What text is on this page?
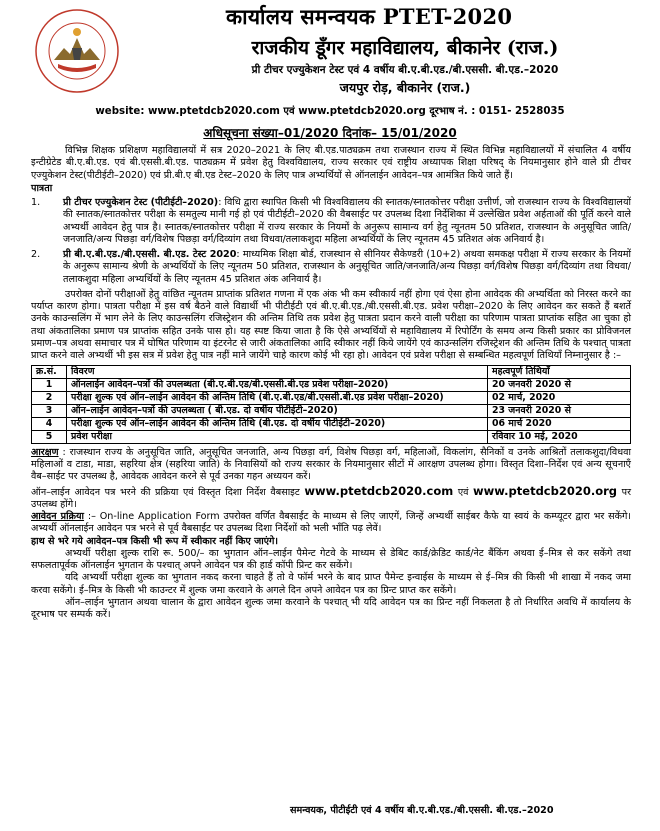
कार्यालय समन्वयक PTET-2020
राजकीय डूँगर महाविद्यालय, बीकानेर (राज.)
प्री टीचर एज्युकेशन टेस्ट एवं 4 वर्षीय बी.ए.बी.एड./बी.एससी. बी.एड.–2020
जयपुर रोड़, बीकानेर (राज.)
website: www.ptetdcb2020.com एवं www.ptetdcb2020.org दूरभाष नं. : 0151- 2528035
अधिसूचना संख्या–01/2020 दिनांक– 15/01/2020

विभिन्न शिक्षक प्रशिक्षण महाविद्यालयों में सत्र 2020–2021 के लिए बी.एड.पाठ्यक्रम तथा राजस्थान राज्य में स्थित विभिन्न महाविद्यालयों में संचालित 4 वर्षीय इन्टीग्रेटेड बी.ए.बी.एड. एवं बी.एससी.बी.एड. पाठ्यक्रम में प्रवेश हेतु विश्वविद्यालय, राज्य सरकार एवं राष्ट्रीय अध्यापक शिक्षा परिषद् के नियमानुसार होने वाले प्री टीचर एज्युकेशन टेस्ट(पीटीईटी–2020) एवं प्री.बी.ए बी.एड टेस्ट–2020 के लिए पात्र अभ्यर्थियों से ऑनलाईन आवेदन–पत्र आमंत्रित किये जाते हैं।

पात्रता
1.	प्री टीचर एज्युकेशन टेस्ट (पीटीईटी–2020): विधि द्वारा स्थापित किसी भी विश्वविद्यालय की स्नातक/स्नातकोत्तर परीक्षा उत्तीर्ण, जो राजस्थान राज्य के विश्वविद्यालयों की स्नातक/स्नातकोत्तर परीक्षा के समतुल्य मानी गई हो एवं पीटीईटी–2020 की वैबसाईट पर उपलब्ध दिशा निर्देशिका में उल्लेखित प्रवेश अर्हताओं की पूर्ति करने वाले अभ्यर्थी आवेदन हेतु पात्र है। स्नातक/स्नातकोत्तर परीक्षा में राज्य सरकार के नियमों के अनुरूप सामान्य वर्ग हेतु न्यूनतम 50 प्रतिशत, राजस्थान के अनुसूचित जाति/जनजाति/अन्य पिछड़ा वर्ग/विशेष पिछड़ा वर्ग/दिव्यांग तथा विधवा/तलाकशुदा महिला अभ्यर्थियों के लिए न्यूनतम 45 प्रतिशत अंक अनिवार्य है।
2.	प्री बी.ए.बी.एड./बी.एससी. बी.एड. टेस्ट 2020: माध्यमिक शिक्षा बोर्ड, राजस्थान से सीनियर सैकेण्डरी (10+2) अथवा समकक्ष परीक्षा में राज्य सरकार के नियमों के अनुरूप सामान्य श्रेणी के अभ्यर्थियों के लिए न्यूनतम 50 प्रतिशत, राजस्थान के अनुसूचित जाति/जनजाति/अन्य पिछड़ा वर्ग/विशेष पिछड़ा वर्ग/दिव्यांग तथा विधवा/तलाकशुदा महिला अभ्यर्थियों के लिए न्यूनतम 45 प्रतिशत अंक अनिवार्य है।

उपरोक्त दोनों परीक्षाओं हेतु वांछित न्यूनतम प्राप्तांक प्रतिशत गणना में एक अंक भी कम स्वीकार्य नहीं होगा एवं ऐसा होना आवेदक की अभ्यर्थिता को निरस्त करने का पर्याप्त कारण होगा। पात्रता परीक्षा में इस वर्ष बैठने वाले विद्यार्थी भी पीटीईटी एवं बी.ए.बी.एड./बी.एससी.बी.एड. प्रवेश परीक्षा–2020 के लिए आवेदन कर सकते हैं बशर्ते उनके काउन्सलिंग में भाग लेने के लिए काउन्सलिंग रजिस्ट्रेशन की अन्तिम तिथि तक प्रवेश हेतु पात्रता प्रदान करने वाली परीक्षा का परिणाम पात्रता प्राप्तांक सहित आ चुका हो तथा अंकतालिका प्रमाण पत्र प्राप्तांक सहित उनके पास हो। यह स्पष्ट किया जाता है कि ऐसे अभ्यर्थियों से महाविद्यालय में रिपोर्टिंग के समय अन्य किसी प्रकार का प्रोविजनल प्रमाण–पत्र अथवा समाचार पत्र में घोषित परिणाम या इंटरनेट से जारी अंकतालिका आदि स्वीकार नहीं किये जायेंगे एवं काउन्सलिंग रजिस्ट्रेशन की अन्तिम तिथि के पश्चात् पात्रता प्राप्त करने वाले अभ्यर्थी भी इस सत्र में प्रवेश हेतु पात्र नहीं माने जायेंगे चाहे कारण कोई भी रहा हो। आवेदन एवं प्रवेश परीक्षा से सम्बन्धित महत्वपूर्ण तिथियाँ निम्नानुसार है :–

क्र.सं.	विवरण	महत्वपूर्ण तिथियाँ
1	ऑनलाईन आवेदन–पत्रों की उपलब्धता (बी.ए.बी.एड/बी.एससी.बी.एड प्रवेश परीक्षा–2020)	20 जनवरी 2020 से
2	परीक्षा शुल्क एवं ऑन–लाईन आवेदन की अन्तिम तिथि (बी.ए.बी.एड/बी.एससी.बी.एड प्रवेश परीक्षा–2020)	02 मार्च, 2020
3	ऑन–लाईन आवेदन–पत्रों की उपलब्धता ( बी.एड. दो वर्षीय पीटीईटी–2020)	23 जनवरी 2020 से
4	परीक्षा शुल्क एवं ऑन–लाईन आवेदन की अन्तिम तिथि (बी.एड. दो वर्षीय पीटीईटी–2020)	06 मार्च 2020
5	प्रवेश परीक्षा	रविवार 10 मई, 2020

आरक्षण : राजस्थान राज्य के अनुसूचित जाति, अनुसूचित जनजाति, अन्य पिछड़ा वर्ग, विशेष पिछड़ा वर्ग, महिलाओं, विकलांग, सैनिकों व उनके आश्रितों तलाकशुदा/विधवा महिलाओं व टाडा, माडा, सहरिया क्षेत्र (सहरिया जाति) के निवासियों को राज्य सरकार के नियमानुसार सीटों में आरक्षण उपलब्ध होगा। विस्तृत दिशा–निर्देश एवं अन्य सूचनाएँ वैब–साईट पर उपलब्ध है, आवेदक आवेदन करने से पूर्व उनका गहन अध्ययन करें।

ऑन–लाईन आवेदन पत्र भरने की प्रक्रिया एवं विस्तृत दिशा निर्देश वैबसाइट www.ptetdcb2020.com एवं www.ptetdcb2020.org पर उपलब्ध होंगे।

आवेदन प्रक्रिया :– On-line Application Form उपरोक्त वर्णित वैबसाईट के माध्यम से लिए जाएगें, जिन्हें अभ्यर्थी साईबर कैफे या स्वयं के कम्प्यूटर द्वारा भर सकेंगे। अभ्यर्थी ऑनलाईन आवेदन पत्र भरने से पूर्व वैबसाईट पर उपलब्ध दिशा निर्देशों को भली भाँति पढ़ लेवें।

हाथ से भरे गये आवेदन–पत्र किसी भी रूप में स्वीकार नहीं किए जाएंगे।

अभ्यर्थी परीक्षा शुल्क राशि रू. 500/– का भुगतान ऑन–लाईन पैमेन्ट गेटवे के माध्यम से डेबिट कार्ड/क्रेडिट कार्ड/नेट बैंकिंग अथवा ई–मित्र से कर सकेंगे तथा सफलतापूर्वक ऑनलाईन भुगतान के पश्चात् अपने आवेदन पत्र की हार्ड कॉपी प्रिन्ट कर सकेंगे।

यदि अभ्यर्थी परीक्षा शुल्क का भुगतान नकद करना चाहते हैं तो वे फॉर्म भरने के बाद प्राप्त पैमेन्ट इन्वाईस के माध्यम से ई–मित्र की किसी भी शाखा में नकद जमा करवा सकेंगे। ई–मित्र के किसी भी काउन्टर में शुल्क जमा करवाने के अगले दिन अपने आवेदन पत्र का प्रिन्ट प्राप्त कर सकेंगे।

ऑन–लाईन भुगतान अथवा चालान के द्वारा आवेदन शुल्क जमा करवाने के पश्चात् भी यदि आवेदन पत्र का प्रिन्ट नहीं निकलता है तो निर्धारित अवधि में कार्यालय के दूरभाष पर सम्पर्क करें।

समन्वयक, पीटीईटी एवं 4 वर्षीय बी.ए.बी.एड./बी.एससी. बी.एड.–2020
